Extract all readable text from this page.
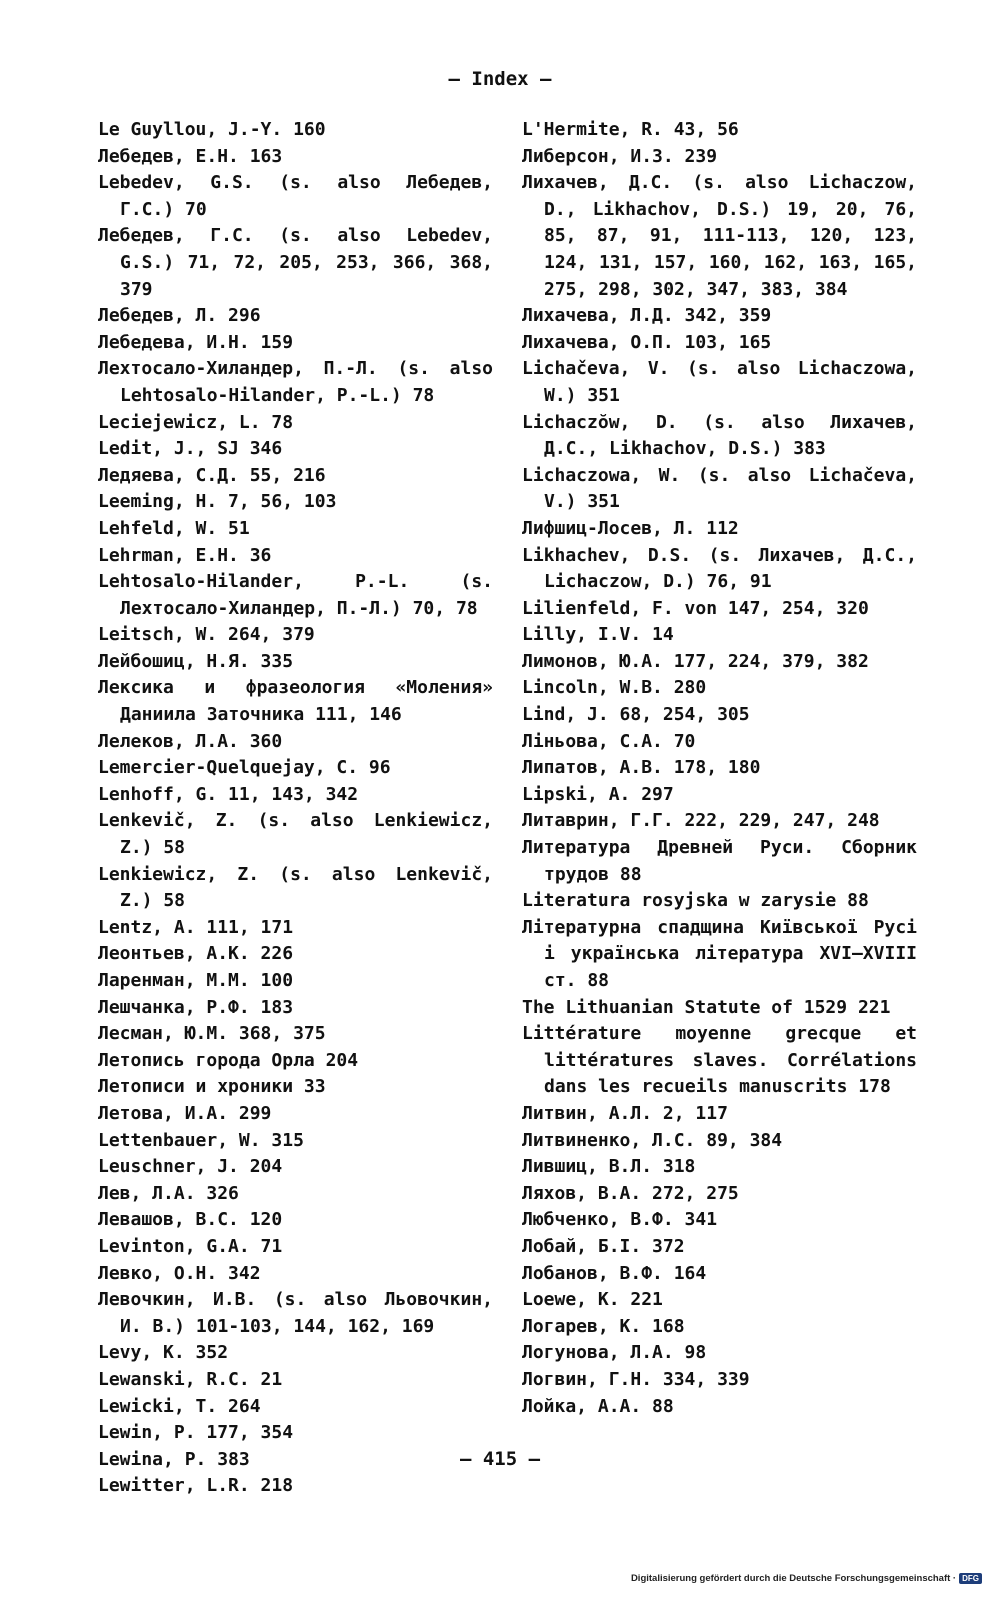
– Index –
Le Guyllou, J.-Y. 160
Лебедев, Е.Н. 163
Lebedev, G.S. (s. also Лебедев, Г.С.) 70
Лебедев, Г.С. (s. also Lebedev, G.S.) 71, 72, 205, 253, 366, 368, 379
Лебедев, Л. 296
Лебедева, И.Н. 159
Лехтосало-Хиландер, П.-Л. (s. also Lehtosalo-Hilander, P.-L.) 78
Leciejewicz, L. 78
Ledit, J., SJ 346
Ледяева, С.Д. 55, 216
Leeming, H. 7, 56, 103
Lehfeld, W. 51
Lehrman, E.H. 36
Lehtosalo-Hilander, P.-L. (s. Лехтосало-Хиландер, П.-Л.) 70, 78
Leitsch, W. 264, 379
Лейбошиц, Н.Я. 335
Лексика и фразеология «Моления» Даниила Заточника 111, 146
Лелеков, Л.А. 360
Lemercier-Quelquejay, C. 96
Lenhoff, G. 11, 143, 342
Lenkevič, Z. (s. also Lenkiewicz, Z.) 58
Lenkiewicz, Z. (s. also Lenkevič, Z.) 58
Lentz, A. 111, 171
Леонтьев, А.К. 226
Ларенман, М.М. 100
Лешчанка, Р.Ф. 183
Лесман, Ю.М. 368, 375
Летопись города Орла 204
Летописи и хроники 33
Летова, И.А. 299
Lettenbauer, W. 315
Leuschner, J. 204
Лев, Л.А. 326
Левашов, В.С. 120
Levinton, G.A. 71
Левко, О.Н. 342
Левочкин, И.В. (s. also Льовочкин, И. В.) 101-103, 144, 162, 169
Levy, K. 352
Lewanski, R.C. 21
Lewicki, T. 264
Lewin, P. 177, 354
Lewina, P. 383
Lewitter, L.R. 218
L'Hermite, R. 43, 56
Либерсон, И.З. 239
Лихачев, Д.С. (s. also Lichaczow, D., Likhachov, D.S.) 19, 20, 76, 85, 87, 91, 111-113, 120, 123, 124, 131, 157, 160, 162, 163, 165, 275, 298, 302, 347, 383, 384
Лихачева, Л.Д. 342, 359
Лихачева, О.П. 103, 165
Lichačeva, V. (s. also Lichaczowa, W.) 351
Lichaczŏw, D. (s. also Лихачев, Д.С., Likhachov, D.S.) 383
Lichaczowa, W. (s. also Lichačeva, V.) 351
Лифшиц-Лосев, Л. 112
Likhachev, D.S. (s. Лихачев, Д.С., Lichaczow, D.) 76, 91
Lilienfeld, F. von 147, 254, 320
Lilly, I.V. 14
Лимонов, Ю.А. 177, 224, 379, 382
Lincoln, W.B. 280
Lind, J. 68, 254, 305
Ліньова, С.А. 70
Липатов, А.В. 178, 180
Lipski, A. 297
Литаврин, Г.Г. 222, 229, 247, 248
Литература Древней Руси. Сборник трудов 88
Literatura rosyjska w zarysie 88
Літературна спадщина Київської Русі і українська література XVI–XVIII ст. 88
The Lithuanian Statute of 1529 221
Littérature moyenne grecque et littératures slaves. Corrélations dans les recueils manuscrits 178
Литвин, А.Л. 2, 117
Литвиненко, Л.С. 89, 384
Лившиц, В.Л. 318
Ляхов, В.А. 272, 275
Любченко, В.Ф. 341
Лобай, Б.І. 372
Лобанов, В.Ф. 164
Loewe, K. 221
Логарев, К. 168
Логунова, Л.А. 98
Логвин, Г.Н. 334, 339
Лойка, А.А. 88
– 415 –
Digitalisierung gefördert durch die Deutsche Forschungsgemeinschaft · DFG
